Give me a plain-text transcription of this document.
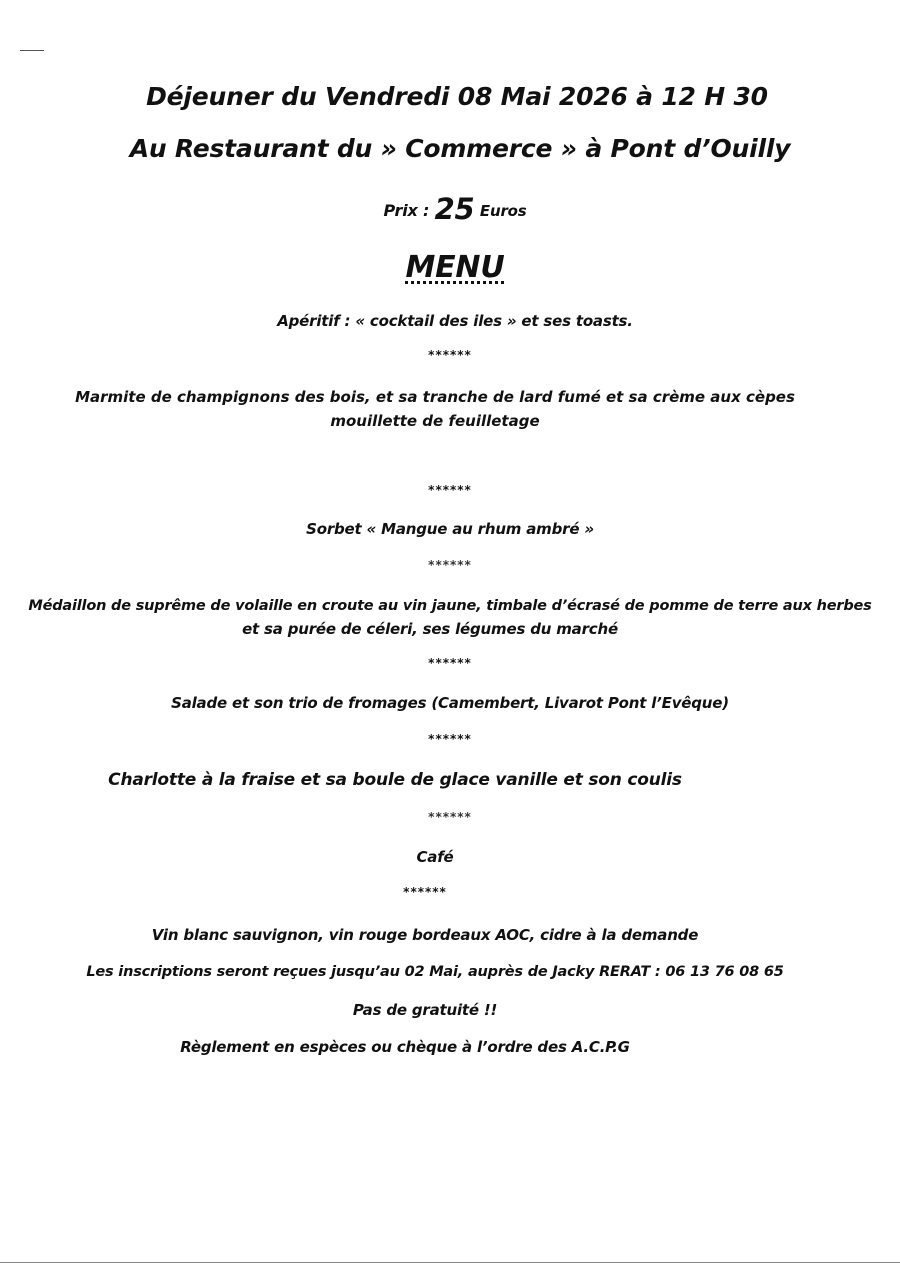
Déjeuner du Vendredi 08 Mai 2026 à 12 H 30
Au Restaurant du » Commerce » à Pont d’Ouilly
Prix : 25 Euros
MENU
Apéritif : « cocktail des iles » et ses toasts.
******
Marmite de champignons des bois, et sa tranche de lard fumé et sa crème aux cèpes mouillette de feuilletage
******
Sorbet « Mangue au rhum ambré »
******
Médaillon de suprême de volaille en croute au vin jaune, timbale d’écrasé de pomme de terre aux herbes
et sa purée de céleri, ses légumes du marché
******
Salade et son trio de fromages (Camembert, Livarot Pont l’Evêque)
******
Charlotte à la fraise et sa boule de glace vanille et son coulis
******
Café
******
Vin blanc sauvignon, vin rouge bordeaux AOC, cidre à la demande
Les inscriptions seront reçues jusqu’au 02 Mai, auprès de Jacky RERAT : 06 13 76 08 65
Pas de gratuité !!
Règlement en espèces ou chèque à l’ordre des A.C.P.G
